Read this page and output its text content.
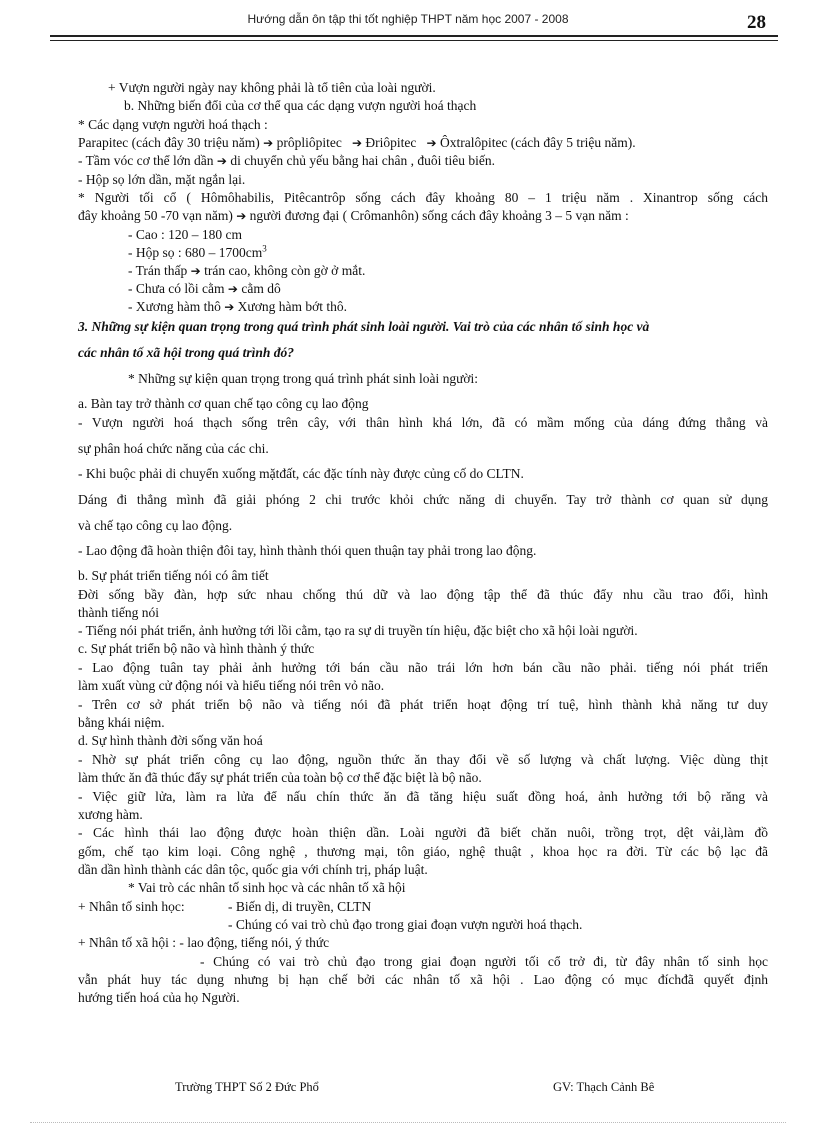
Hướng dẫn ôn tập thi tốt nghiệp THPT năm học 2007 - 2008	28
+ Vượn người ngày nay không phải là tổ tiên của loài người.
b. Những biến đổi của cơ thể qua các dạng vượn người hoá thạch
* Các dạng vượn người hoá thạch :
Parapitec (cách đây 30 triệu năm) ➔ prôpliôpitec ➔ Đriôpitec ➔ Ôxtralôpitec (cách đây 5 triệu năm).
- Tầm vóc cơ thể lớn dần ➔ di chuyển chủ yếu bằng hai chân , đuôi tiêu biến.
- Hộp sọ lớn dần, mặt ngắn lại.
* Người tối cổ ( Hômôhabilis, Pitêcantrôp sống cách đây khoảng 80 – 1 triệu năm . Xinantrop sống cách
đây khoảng 50 -70 vạn năm) ➔ người đương đại ( Crômanhôn) sống cách đây khoảng 3 – 5 vạn năm :
- Cao : 120 – 180 cm
- Hộp sọ : $680 - 1700cm^3$
- Trán thấp ➔ trán cao, không còn gờ ở mắt.
- Chưa có lồi cằm ➔ cằm dô
- Xương hàm thô ➔ Xương hàm bớt thô.
3. Những sự kiện quan trọng trong quá trình phát sinh loài người. Vai trò của các nhân tố sinh học và
các nhân tố xã hội trong quá trình đó?
* Những sự kiện quan trọng trong quá trình phát sinh loài người:
a. Bàn tay trở thành cơ quan chế tạo công cụ lao động
- Vượn người hoá thạch sống trên cây, với thân hình khá lớn, đã có mầm mống của dáng đứng thẳng và
sự phân hoá chức năng của các chi.
- Khi buộc phải di chuyển xuống mặtđất, các đặc tính này được củng cố do CLTN.
Dáng đi thẳng mình đã giải phóng 2 chi trước khỏi chức năng di chuyển. Tay trở thành cơ quan sử dụng
và chế tạo công cụ lao động.
- Lao động đã hoàn thiện đôi tay, hình thành thói quen thuận tay phải trong lao động.
b. Sự phát triển tiếng nói có âm tiết
Đời sống bầy đàn, hợp sức nhau chống thú dữ và lao động tập thể đã thúc đẩy nhu cầu trao đổi, hình
thành tiếng nói
- Tiếng nói phát triển, ảnh hưởng tới lồi cằm, tạo ra sự di truyền tín hiệu, đặc biệt cho xã hội loài người.
c. Sự phát triển bộ não và hình thành ý thức
- Lao động tuân tay phải ảnh hưởng tới bán cầu não trái lớn hơn bán cầu não phải. tiếng nói phát triển
làm xuất vùng cử động nói và hiểu tiếng nói trên vỏ não.
- Trên cơ sở phát triển bộ não và tiếng nói đã phát triển hoạt động trí tuệ, hình thành khả năng tư duy
bằng khái niệm.
d. Sự hình thành đời sống văn hoá
- Nhờ sự phát triển công cụ lao động, nguồn thức ăn thay đổi về số lượng và chất lượng. Việc dùng thịt
làm thức ăn đã thúc đẩy sự phát triển của toàn bộ cơ thể đặc biệt là bộ não.
- Việc giữ lửa, làm ra lửa để nấu chín thức ăn đã tăng hiệu suất đồng hoá, ảnh hưởng tới bộ răng và
xương hàm.
- Các hình thái lao động được hoàn thiện dần. Loài người đã biết chăn nuôi, trồng trọt, dệt vải,làm đồ
gốm, chế tạo kim loại. Công nghệ , thương mại, tôn giáo, nghệ thuật , khoa học ra đời. Từ các bộ lạc đã
dần dần hình thành các dân tộc, quốc gia với chính trị, pháp luật.
* Vai trò các nhân tố sinh học và các nhân tố xã hội
+ Nhân tố sinh học:	- Biến dị, di truyền, CLTN
- Chúng có vai trò chủ đạo trong giai đoạn vượn người hoá thạch.
+ Nhân tố xã hội : - lao động, tiếng nói, ý thức
- Chúng có vai trò chủ đạo trong giai đoạn người tối cổ trở đi, từ đây nhân tố sinh học
vẫn phát huy tác dụng nhưng bị hạn chế bởi các nhân tố xã hội . Lao động có mục đíchđã quyết định
hướng tiến hoá của họ Người.
Trường THPT Số 2 Đức Phổ	GV: Thạch Cảnh Bê
